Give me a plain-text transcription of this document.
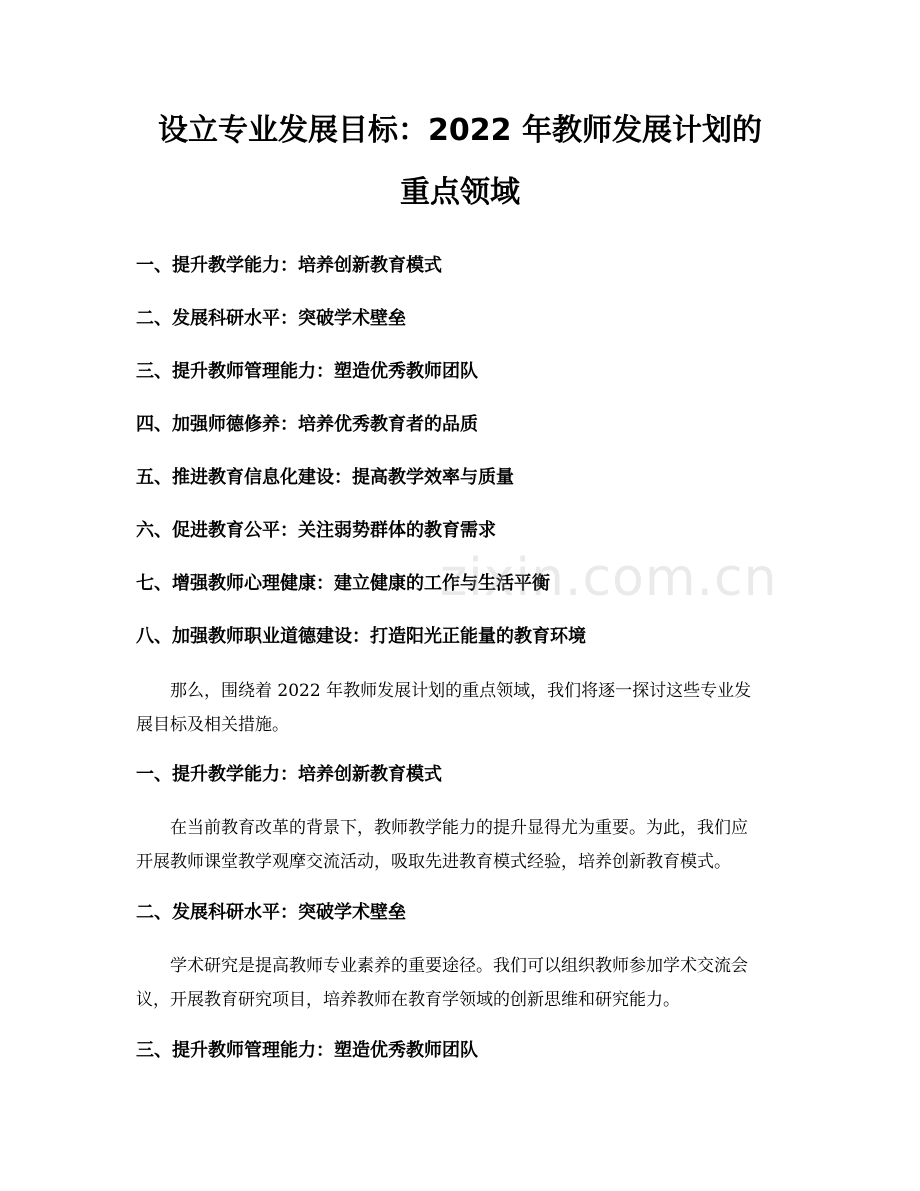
设立专业发展目标：2022 年教师发展计划的
重点领域
一、提升教学能力：培养创新教育模式
二、发展科研水平：突破学术壁垒
三、提升教师管理能力：塑造优秀教师团队
四、加强师德修养：培养优秀教育者的品质
五、推进教育信息化建设：提高教学效率与质量
六、促进教育公平：关注弱势群体的教育需求
七、增强教师心理健康：建立健康的工作与生活平衡
八、加强教师职业道德建设：打造阳光正能量的教育环境

那么，围绕着 2022 年教师发展计划的重点领域，我们将逐一探讨这些专业发
展目标及相关措施。

一、提升教学能力：培养创新教育模式

在当前教育改革的背景下，教师教学能力的提升显得尤为重要。为此，我们应
开展教师课堂教学观摩交流活动，吸取先进教育模式经验，培养创新教育模式。

二、发展科研水平：突破学术壁垒

学术研究是提高教师专业素养的重要途径。我们可以组织教师参加学术交流会
议，开展教育研究项目，培养教师在教育学领域的创新思维和研究能力。

三、提升教师管理能力：塑造优秀教师团队
zixin.com.cn
